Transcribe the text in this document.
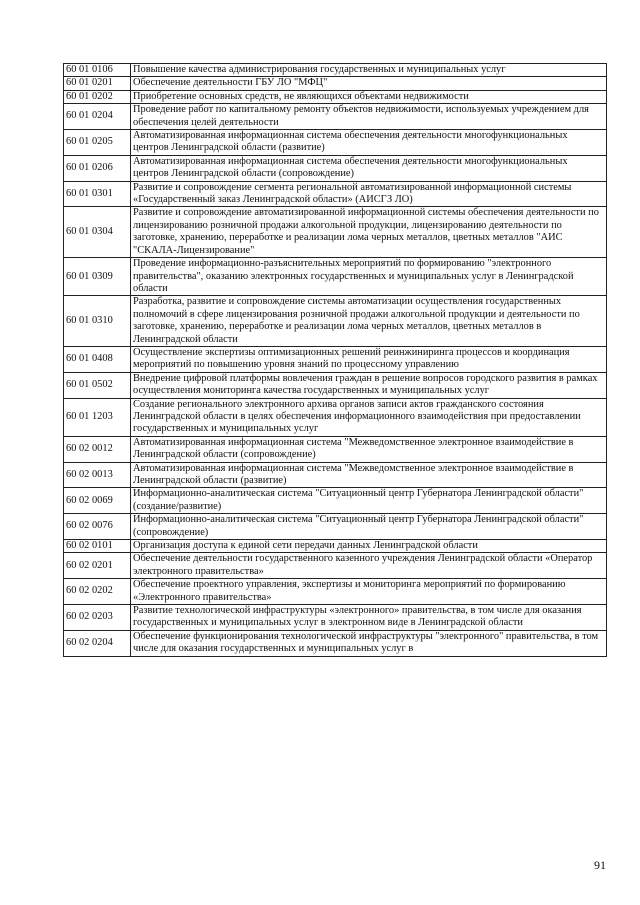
60 01 0106	Повышение качества администрирования государственных и муниципальных услуг
60 01 0201	Обеспечение деятельности ГБУ ЛО "МФЦ"
60 01 0202	Приобретение основных средств, не являющихся объектами недвижимости
60 01 0204	Проведение работ по капитальному ремонту объектов недвижимости, используемых учреждением для обеспечения целей деятельности
60 01 0205	Автоматизированная информационная система обеспечения деятельности многофункциональных центров Ленинградской области (развитие)
60 01 0206	Автоматизированная информационная система обеспечения деятельности многофункциональных центров Ленинградской области (сопровождение)
60 01 0301	Развитие и сопровождение сегмента региональной автоматизированной информационной системы «Государственный заказ Ленинградской области» (АИСГЗ ЛО)
60 01 0304	Развитие и сопровождение автоматизированной информационной системы обеспечения деятельности по лицензированию розничной продажи алкогольной продукции, лицензированию деятельности по заготовке, хранению, переработке и реализации лома черных металлов, цветных металлов "АИС "СКАЛА-Лицензирование"
60 01 0309	Проведение информационно-разъяснительных мероприятий по формированию "электронного правительства", оказанию электронных государственных и муниципальных услуг в Ленинградской области
60 01 0310	Разработка, развитие и сопровождение системы автоматизации осуществления государственных полномочий в сфере лицензирования розничной продажи алкогольной продукции и деятельности по заготовке, хранению, переработке и реализации лома черных металлов, цветных металлов в Ленинградской области
60 01 0408	Осуществление экспертизы оптимизационных решений реинжиниринга процессов и координация мероприятий по повышению уровня знаний по процессному управлению
60 01 0502	Внедрение цифровой платформы вовлечения граждан в решение вопросов городского развития в рамках осуществления мониторинга качества государственных и муниципальных услуг
60 01 1203	Создание регионального электронного архива органов записи актов гражданского состояния Ленинградской области в целях обеспечения информационного взаимодействия при предоставлении государственных и муниципальных услуг
60 02 0012	Автоматизированная информационная система "Межведомственное электронное взаимодействие в Ленинградской области (сопровождение)
60 02 0013	Автоматизированная информационная система "Межведомственное электронное взаимодействие в Ленинградской области (развитие)
60 02 0069	Информационно-аналитическая система "Ситуационный центр Губернатора Ленинградской области" (создание/развитие)
60 02 0076	Информационно-аналитическая система "Ситуационный центр Губернатора Ленинградской области" (сопровождение)
60 02 0101	Организация доступа к единой сети передачи данных Ленинградской области
60 02 0201	Обеспечение деятельности государственного казенного учреждения Ленинградской области «Оператор электронного правительства»
60 02 0202	Обеспечение проектного управления, экспертизы и мониторинга мероприятий по формированию «Электронного правительства»
60 02 0203	Развитие технологической инфраструктуры «электронного» правительства, в том числе для оказания государственных и муниципальных услуг в электронном виде в Ленинградской области
60 02 0204	Обеспечение функционирования технологической инфраструктуры "электронного" правительства, в том числе для оказания государственных и муниципальных услуг в
91
